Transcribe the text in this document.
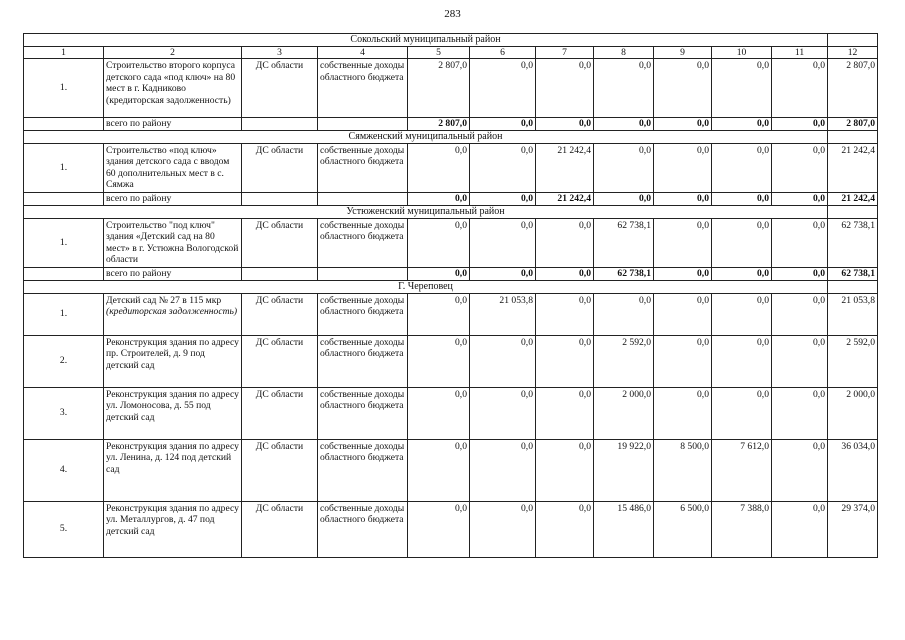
283
Сокольский муниципальный район											
1	2	3	4	5	6	7	8	9	10	11	12
1.	Строительство второго корпуса детского сада «под ключ» на 80 мест в г. Кадниково (кредиторская задолженность)	ДС области	собственные доходы областного бюджета	2 807,0	0,0	0,0	0,0	0,0	0,0	0,0	2 807,0
	всего по району			2 807,0	0,0	0,0	0,0	0,0	0,0	0,0	2 807,0
Сямженский муниципальный район											
1.	Строительство «под ключ» здания детского сада с вводом 60 дополнительных мест в с. Сямжа	ДС области	собственные доходы областного бюджета	0,0	0,0	21 242,4	0,0	0,0	0,0	0,0	21 242,4
	всего по району			0,0	0,0	21 242,4	0,0	0,0	0,0	0,0	21 242,4
Устюженский муниципальный район											
1.	Строительство "под ключ" здания «Детский сад на 80 мест» в г. Устюжна Вологодской области	ДС области	собственные доходы областного бюджета	0,0	0,0	0,0	62 738,1	0,0	0,0	0,0	62 738,1
	всего по району			0,0	0,0	0,0	62 738,1	0,0	0,0	0,0	62 738,1
Г. Череповец											
1.	Детский сад № 27 в 115 мкр (кредиторская задолженность)	ДС области	собственные доходы областного бюджета	0,0	21 053,8	0,0	0,0	0,0	0,0	0,0	21 053,8
2.	Реконструкция здания по адресу пр. Строителей, д. 9 под детский сад	ДС области	собственные доходы областного бюджета	0,0	0,0	0,0	2 592,0	0,0	0,0	0,0	2 592,0
3.	Реконструкция здания по адресу ул. Ломоносова, д. 55 под детский сад	ДС области	собственные доходы областного бюджета	0,0	0,0	0,0	2 000,0	0,0	0,0	0,0	2 000,0
4.	Реконструкция здания по адресу ул. Ленина, д. 124 под детский сад	ДС области	собственные доходы областного бюджета	0,0	0,0	0,0	19 922,0	8 500,0	7 612,0	0,0	36 034,0
5.	Реконструкция здания по адресу ул. Металлургов, д. 47 под детский сад	ДС области	собственные доходы областного бюджета	0,0	0,0	0,0	15 486,0	6 500,0	7 388,0	0,0	29 374,0
